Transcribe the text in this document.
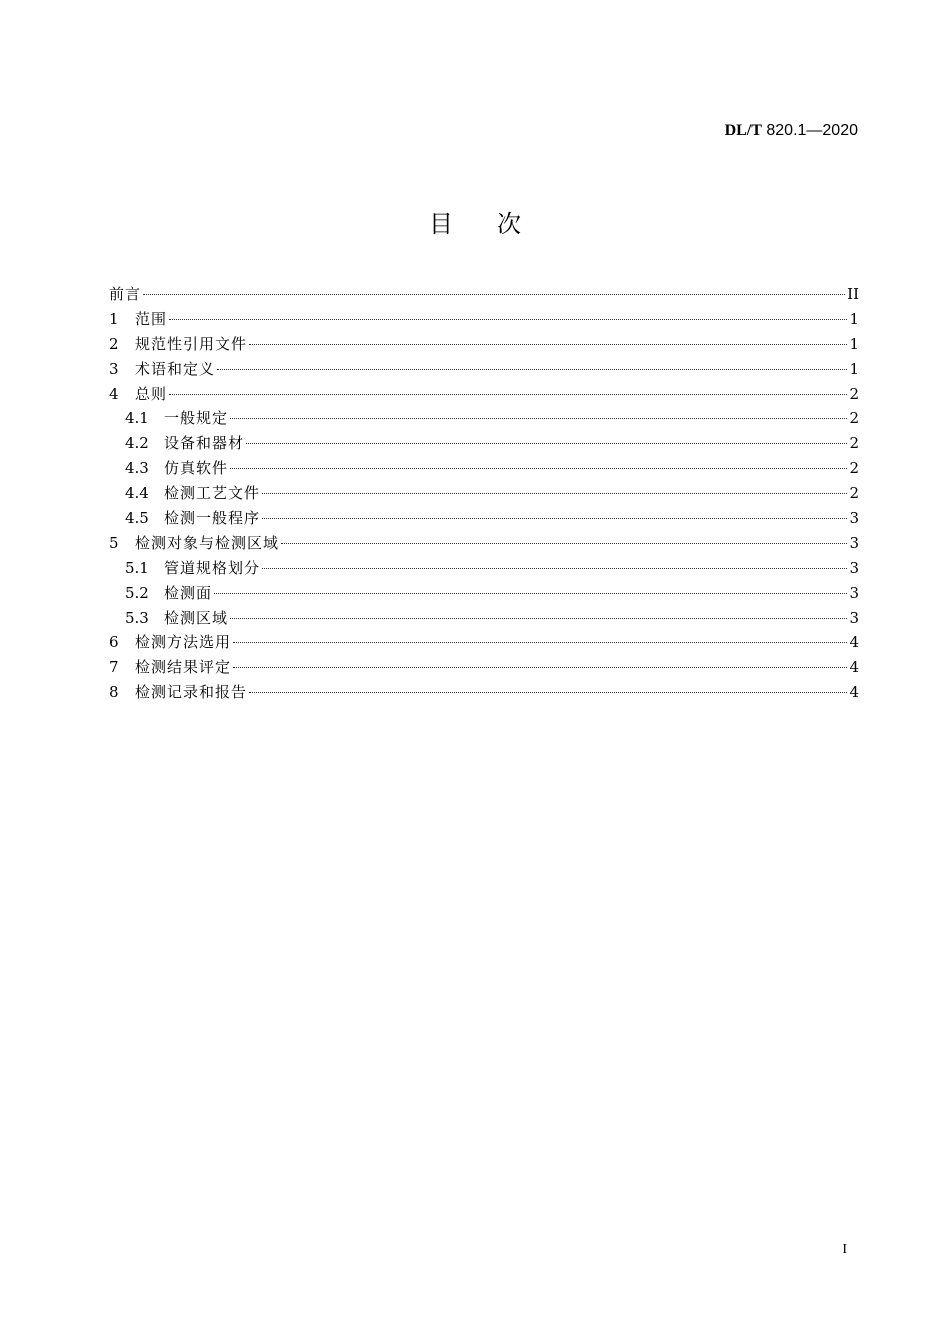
DL/T 820.1—2020
目次
前言	II
1	范围	1
2	规范性引用文件	1
3	术语和定义	1
4	总则	2
4.1	一般规定	2
4.2	设备和器材	2
4.3	仿真软件	2
4.4	检测工艺文件	2
4.5	检测一般程序	3
5	检测对象与检测区域	3
5.1	管道规格划分	3
5.2	检测面	3
5.3	检测区域	3
6	检测方法选用	4
7	检测结果评定	4
8	检测记录和报告	4
I
